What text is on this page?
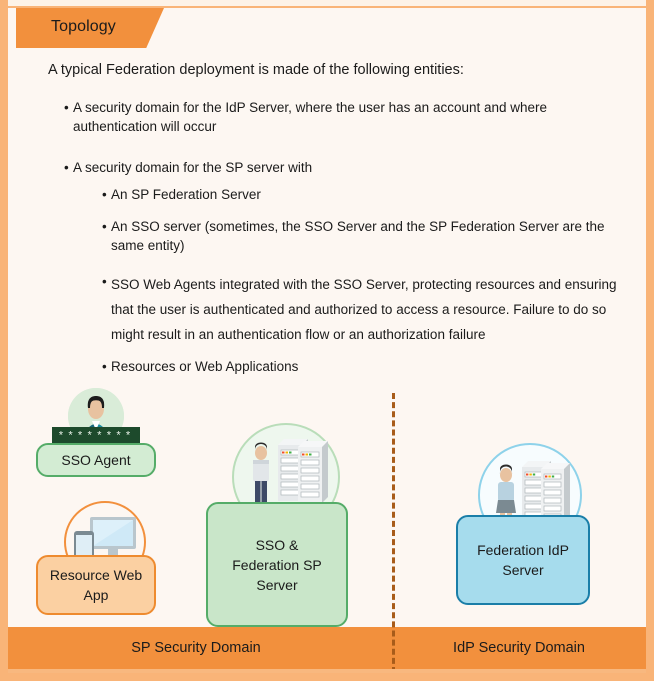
Topology
A typical Federation deployment is made of the following entities:
• A security domain for the IdP Server, where the user has an account and where authentication will occur
• A security domain for the SP server with
• An SP Federation Server
• An SSO server (sometimes, the SSO Server and the SP Federation Server are the same entity)
• SSO Web Agents integrated with the SSO Server, protecting resources and ensuring that the user is authenticated and authorized to access a resource. Failure to do so might result in an authentication flow or an authorization failure
• Resources or Web Applications
********
SSO Agent
Resource Web App
SSO &
Federation SP
Server
Federation IdP
Server
SP Security Domain	IdP Security Domain
